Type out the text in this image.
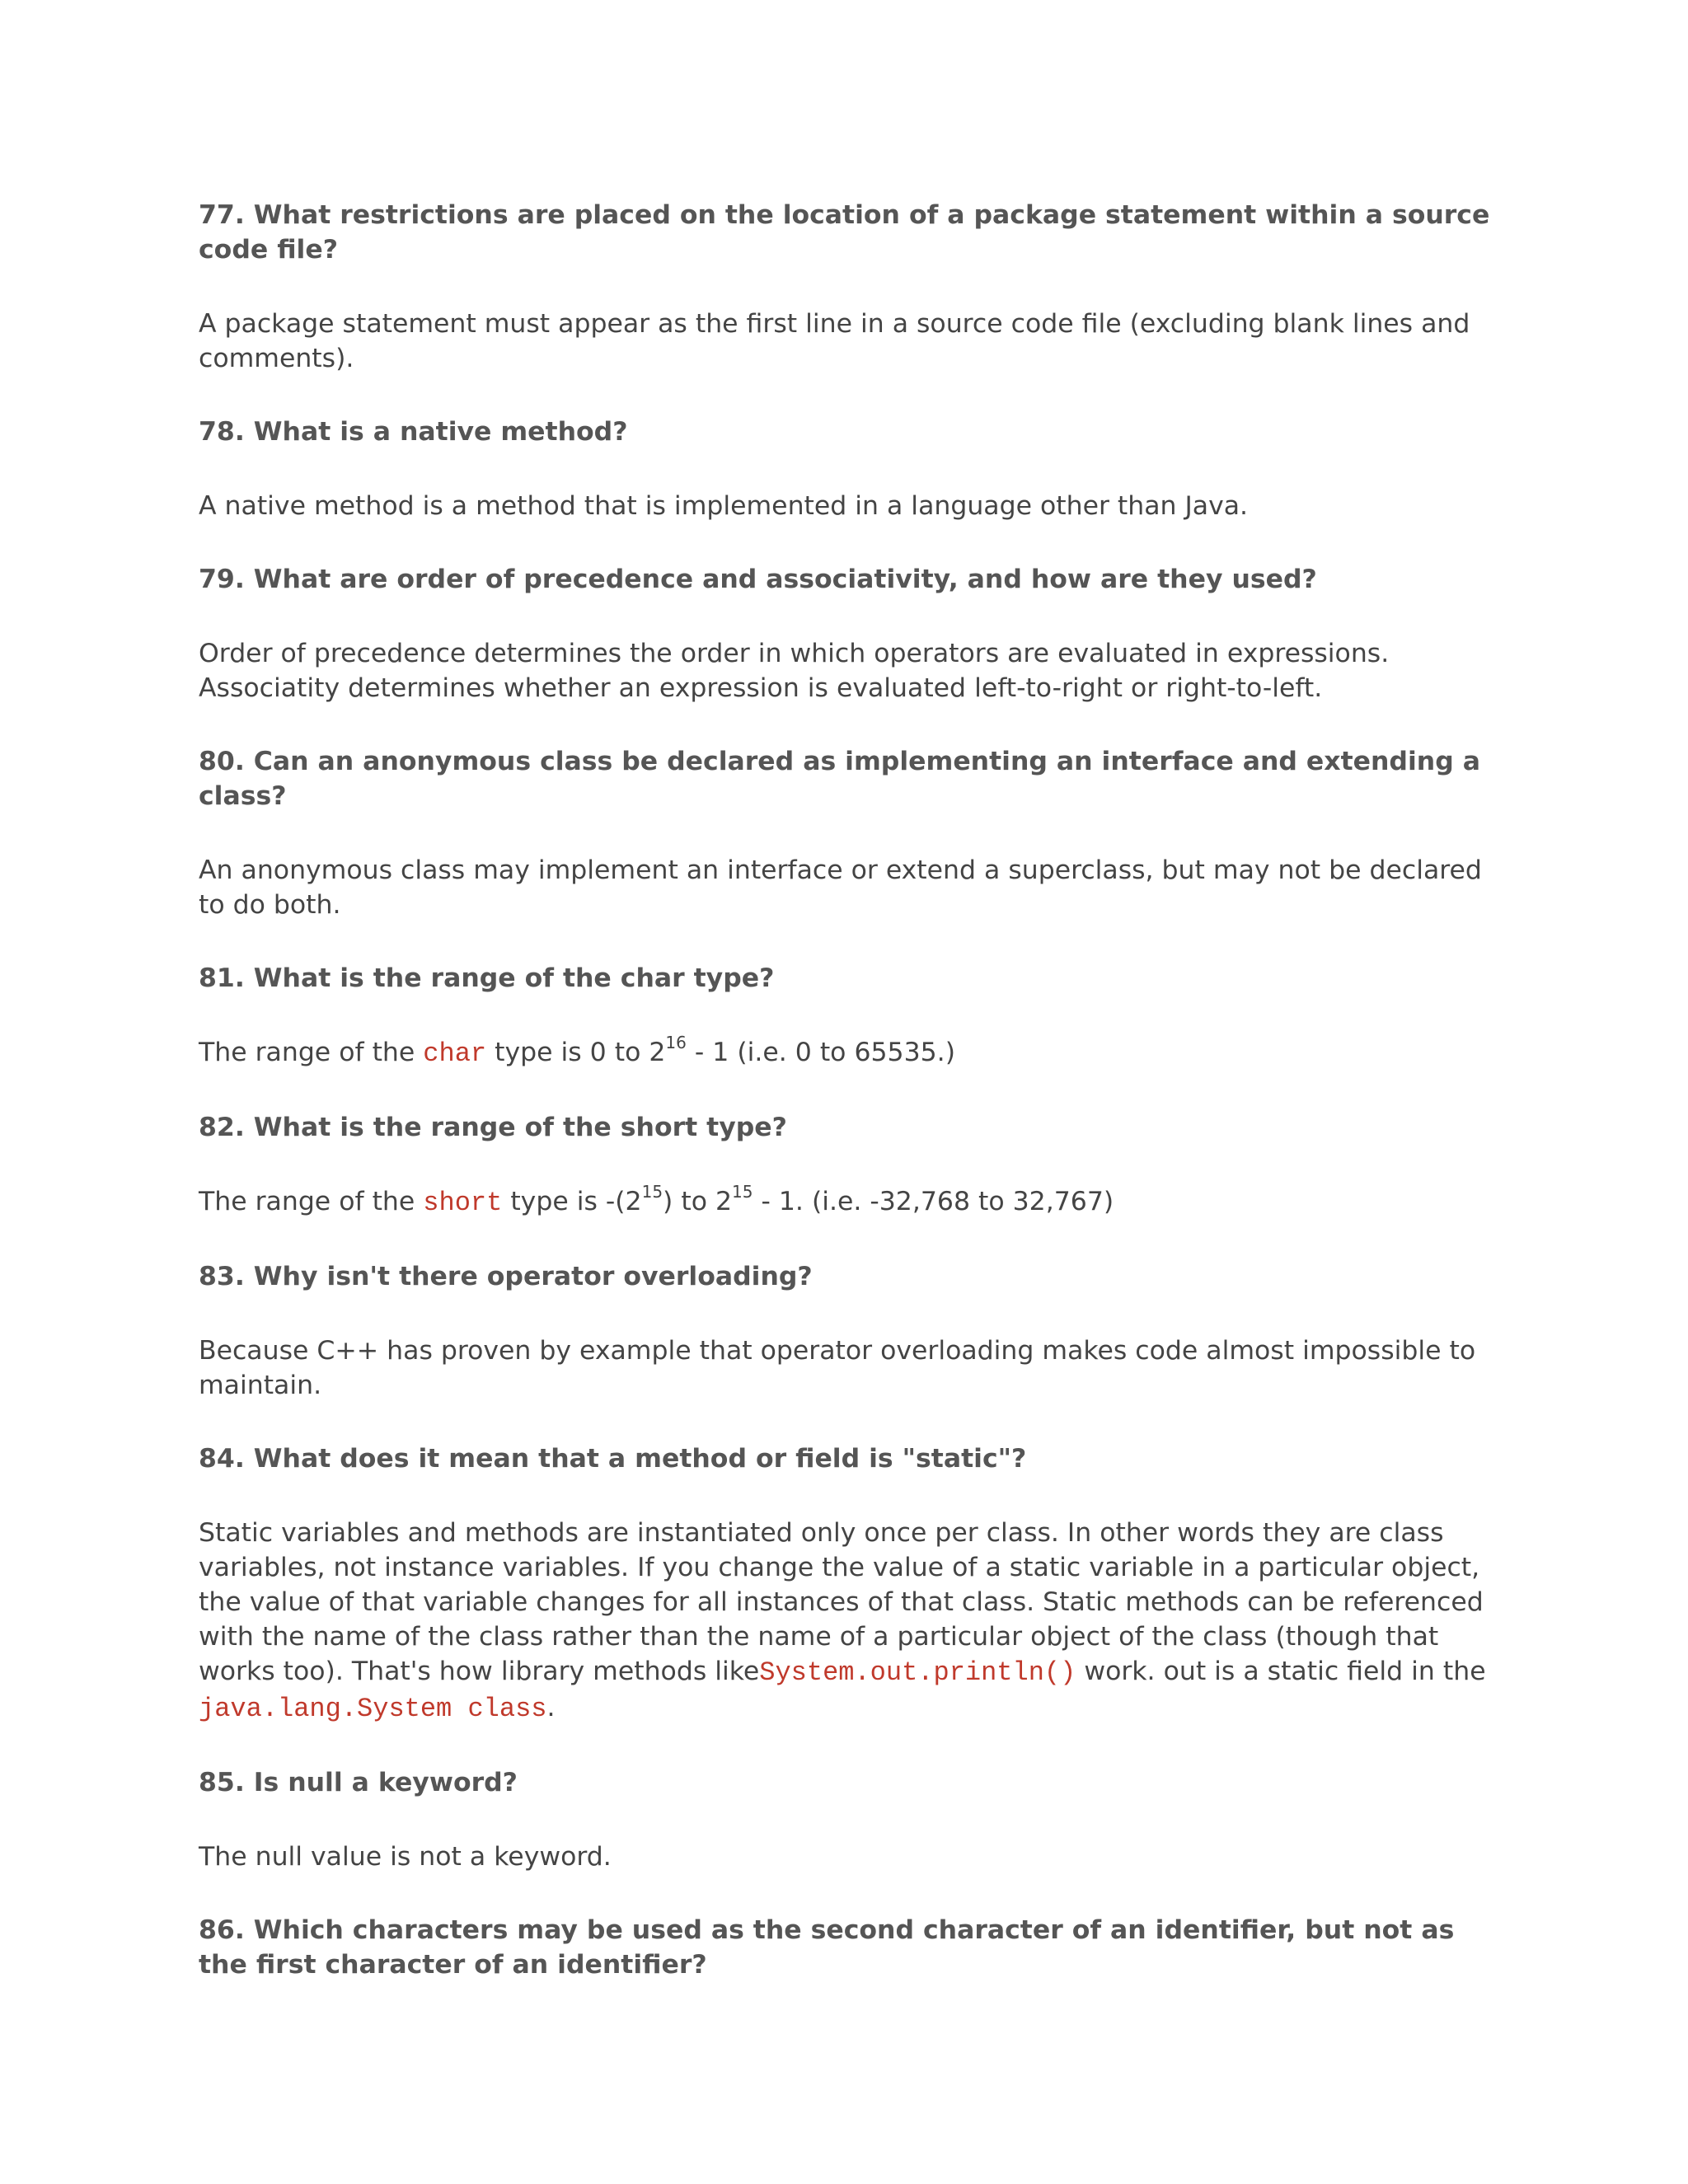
77. What restrictions are placed on the location of a package statement within a source code file?

A package statement must appear as the first line in a source code file (excluding blank lines and comments).

78. What is a native method?

A native method is a method that is implemented in a language other than Java.

79. What are order of precedence and associativity, and how are they used?

Order of precedence determines the order in which operators are evaluated in expressions. Associatity determines whether an expression is evaluated left-to-right or right-to-left.

80. Can an anonymous class be declared as implementing an interface and extending a class?

An anonymous class may implement an interface or extend a superclass, but may not be declared to do both.

81. What is the range of the char type?

The range of the char type is 0 to $2^{16} - 1$ (i.e. 0 to 65535.)

82. What is the range of the short type?

The range of the short type is $-(2^{15})$ to $2^{15} - 1$. (i.e. -32,768 to 32,767)

83. Why isn't there operator overloading?

Because C++ has proven by example that operator overloading makes code almost impossible to maintain.

84. What does it mean that a method or field is "static"?

Static variables and methods are instantiated only once per class. In other words they are class variables, not instance variables. If you change the value of a static variable in a particular object, the value of that variable changes for all instances of that class. Static methods can be referenced with the name of the class rather than the name of a particular object of the class (though that works too). That's how library methods likeSystem.out.println() work. out is a static field in the java.lang.System class.

85. Is null a keyword?

The null value is not a keyword.

86. Which characters may be used as the second character of an identifier, but not as the first character of an identifier?
